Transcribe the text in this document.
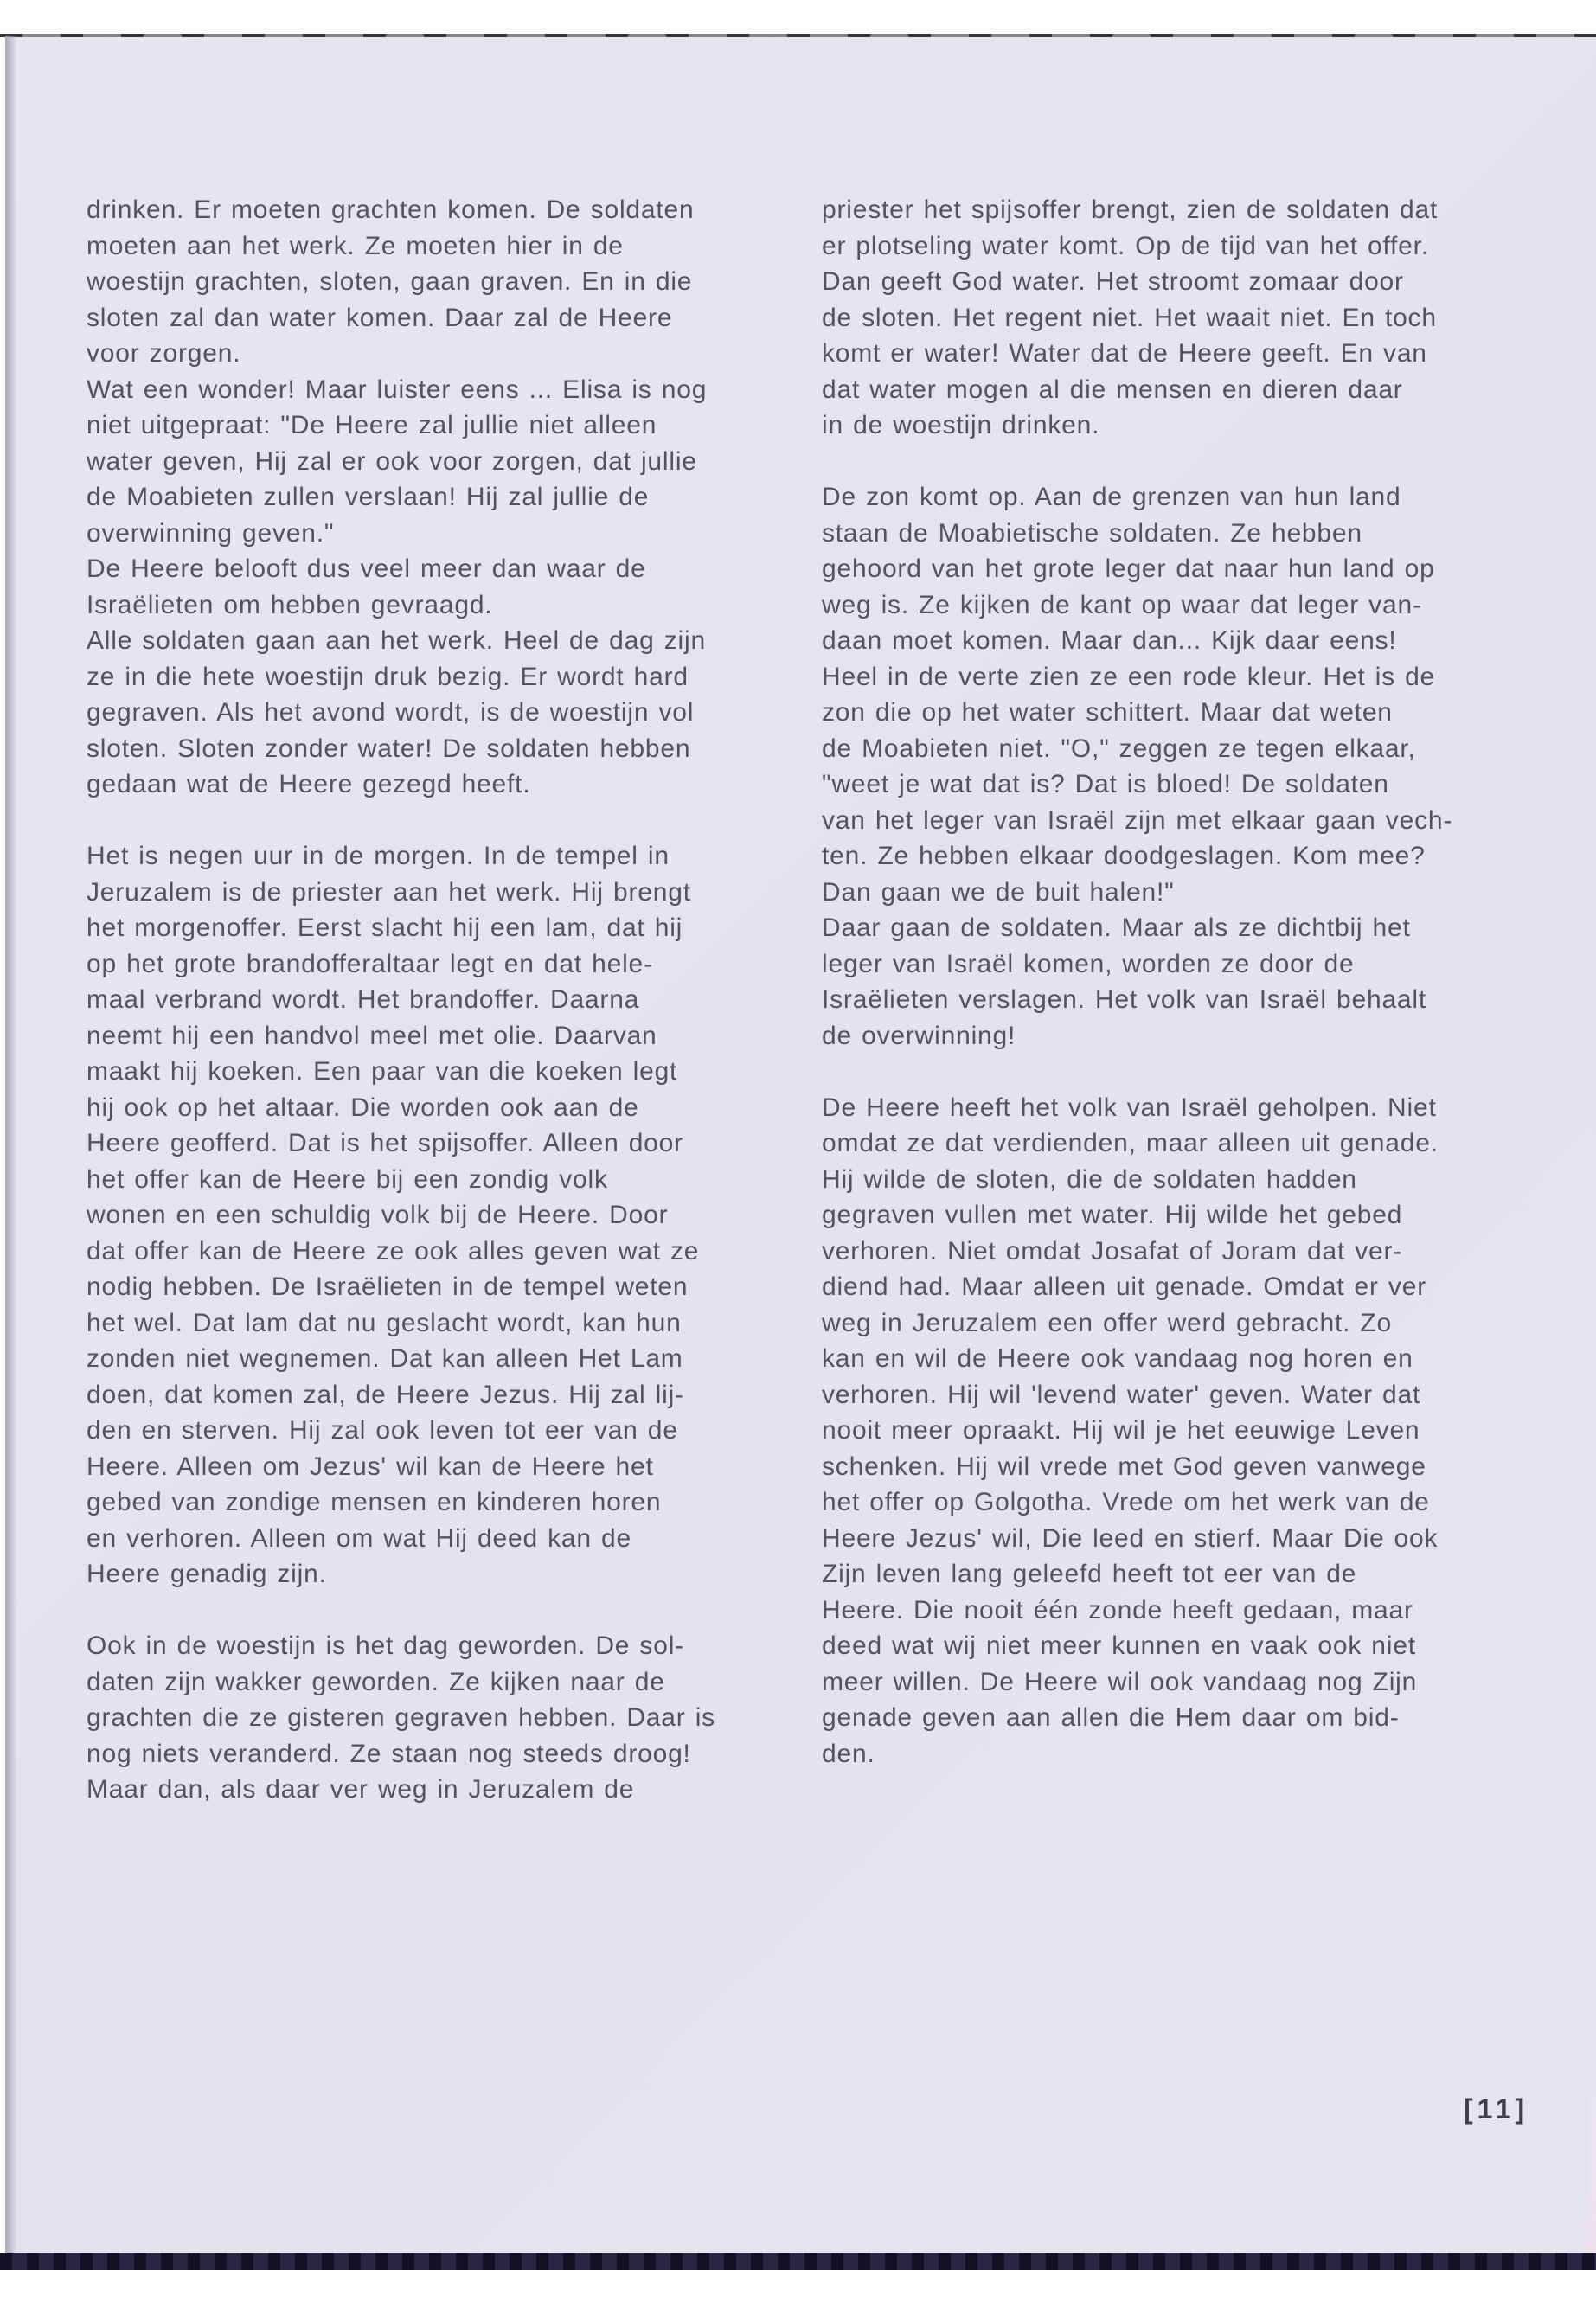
drinken. Er moeten grachten komen. De soldaten
moeten aan het werk. Ze moeten hier in de
woestijn grachten, sloten, gaan graven. En in die
sloten zal dan water komen. Daar zal de Heere
voor zorgen.
Wat een wonder! Maar luister eens ... Elisa is nog
niet uitgepraat: "De Heere zal jullie niet alleen
water geven, Hij zal er ook voor zorgen, dat jullie
de Moabieten zullen verslaan! Hij zal jullie de
overwinning geven."
De Heere belooft dus veel meer dan waar de
Israëlieten om hebben gevraagd.
Alle soldaten gaan aan het werk. Heel de dag zijn
ze in die hete woestijn druk bezig. Er wordt hard
gegraven. Als het avond wordt, is de woestijn vol
sloten. Sloten zonder water! De soldaten hebben
gedaan wat de Heere gezegd heeft.

Het is negen uur in de morgen. In de tempel in
Jeruzalem is de priester aan het werk. Hij brengt
het morgenoffer. Eerst slacht hij een lam, dat hij
op het grote brandofferaltaar legt en dat hele-
maal verbrand wordt. Het brandoffer. Daarna
neemt hij een handvol meel met olie. Daarvan
maakt hij koeken. Een paar van die koeken legt
hij ook op het altaar. Die worden ook aan de
Heere geofferd. Dat is het spijsoffer. Alleen door
het offer kan de Heere bij een zondig volk
wonen en een schuldig volk bij de Heere. Door
dat offer kan de Heere ze ook alles geven wat ze
nodig hebben. De Israëlieten in de tempel weten
het wel. Dat lam dat nu geslacht wordt, kan hun
zonden niet wegnemen. Dat kan alleen Het Lam
doen, dat komen zal, de Heere Jezus. Hij zal lij-
den en sterven. Hij zal ook leven tot eer van de
Heere. Alleen om Jezus' wil kan de Heere het
gebed van zondige mensen en kinderen horen
en verhoren. Alleen om wat Hij deed kan de
Heere genadig zijn.

Ook in de woestijn is het dag geworden. De sol-
daten zijn wakker geworden. Ze kijken naar de
grachten die ze gisteren gegraven hebben. Daar is
nog niets veranderd. Ze staan nog steeds droog!
Maar dan, als daar ver weg in Jeruzalem de
priester het spijsoffer brengt, zien de soldaten dat
er plotseling water komt. Op de tijd van het offer.
Dan geeft God water. Het stroomt zomaar door
de sloten. Het regent niet. Het waait niet. En toch
komt er water! Water dat de Heere geeft. En van
dat water mogen al die mensen en dieren daar
in de woestijn drinken.

De zon komt op. Aan de grenzen van hun land
staan de Moabietische soldaten. Ze hebben
gehoord van het grote leger dat naar hun land op
weg is. Ze kijken de kant op waar dat leger van-
daan moet komen. Maar dan... Kijk daar eens!
Heel in de verte zien ze een rode kleur. Het is de
zon die op het water schittert. Maar dat weten
de Moabieten niet. "O," zeggen ze tegen elkaar,
"weet je wat dat is? Dat is bloed! De soldaten
van het leger van Israël zijn met elkaar gaan vech-
ten. Ze hebben elkaar doodgeslagen. Kom mee?
Dan gaan we de buit halen!"
Daar gaan de soldaten. Maar als ze dichtbij het
leger van Israël komen, worden ze door de
Israëlieten verslagen. Het volk van Israël behaalt
de overwinning!

De Heere heeft het volk van Israël geholpen. Niet
omdat ze dat verdienden, maar alleen uit genade.
Hij wilde de sloten, die de soldaten hadden
gegraven vullen met water. Hij wilde het gebed
verhoren. Niet omdat Josafat of Joram dat ver-
diend had. Maar alleen uit genade. Omdat er ver
weg in Jeruzalem een offer werd gebracht. Zo
kan en wil de Heere ook vandaag nog horen en
verhoren. Hij wil 'levend water' geven. Water dat
nooit meer opraakt. Hij wil je het eeuwige Leven
schenken. Hij wil vrede met God geven vanwege
het offer op Golgotha. Vrede om het werk van de
Heere Jezus' wil, Die leed en stierf. Maar Die ook
Zijn leven lang geleefd heeft tot eer van de
Heere. Die nooit één zonde heeft gedaan, maar
deed wat wij niet meer kunnen en vaak ook niet
meer willen. De Heere wil ook vandaag nog Zijn
genade geven aan allen die Hem daar om bid-
den.
[11]
